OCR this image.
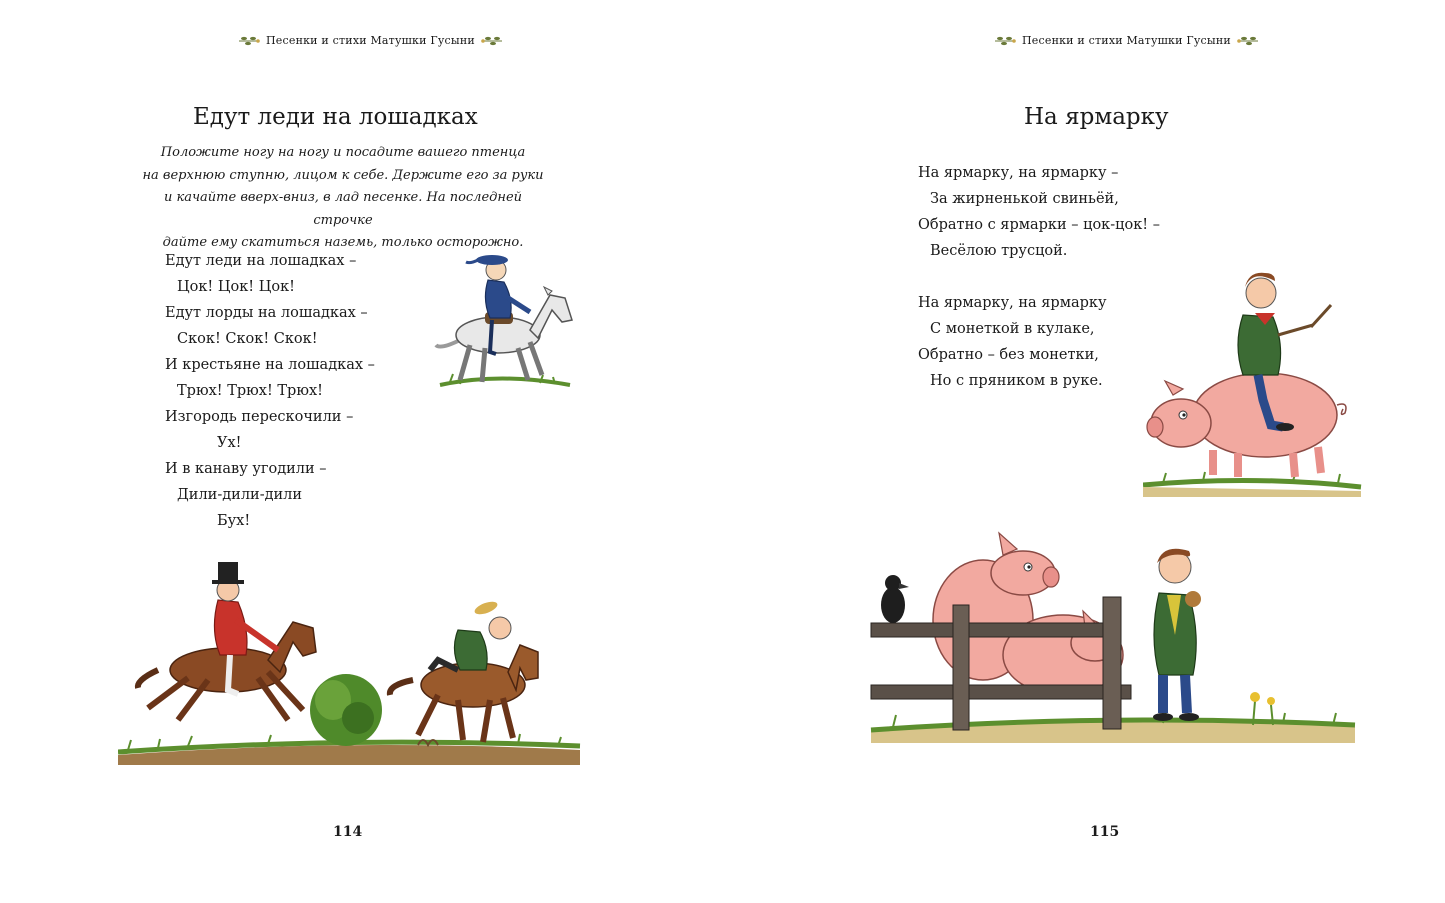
Песенки и стихи Матушки Гусыни
Едут леди на лошадках
Положите ногу на ногу и посадите вашего птенца
на верхнюю ступню, лицом к себе. Держите его за руки
и качайте вверх-вниз, в лад песенке. На последней строчке
дайте ему скатиться наземь, только осторожно.
Едут леди на лошадках –
Цок! Цок! Цок!
Едут лорды на лошадках –
Скок! Скок! Скок!
И крестьяне на лошадках –
Трюх! Трюх! Трюх!
Изгородь перескочили –
Ух!
И в канаву угодили –
Дили-дили-дили
Бух!
114
Песенки и стихи Матушки Гусыни
На ярмарку
На ярмарку, на ярмарку –
За жирненькой свиньёй,
Обратно с ярмарки – цок-цок! –
Весёлою трусцой.
На ярмарку, на ярмарку
С монеткой в кулаке,
Обратно – без монетки,
Но с пряником в руке.
115
